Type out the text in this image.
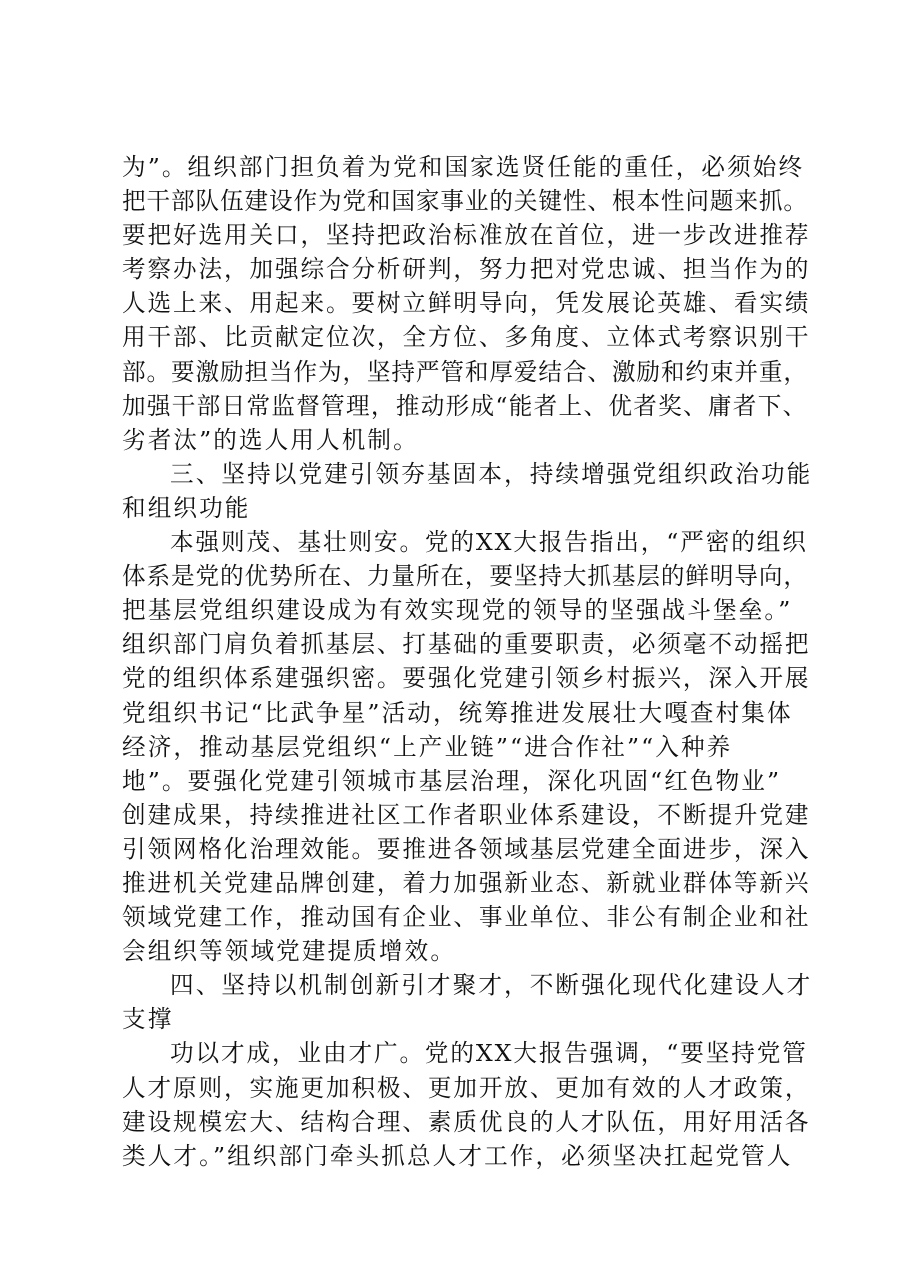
为”。组织部门担负着为党和国家选贤任能的重任，必须始终
把干部队伍建设作为党和国家事业的关键性、根本性问题来抓。
要把好选用关口，坚持把政治标准放在首位，进一步改进推荐
考察办法，加强综合分析研判，努力把对党忠诚、担当作为的
人选上来、用起来。要树立鲜明导向，凭发展论英雄、看实绩
用干部、比贡献定位次，全方位、多角度、立体式考察识别干
部。要激励担当作为，坚持严管和厚爱结合、激励和约束并重，
加强干部日常监督管理，推动形成“能者上、优者奖、庸者下、
劣者汰”的选人用人机制。
三、坚持以党建引领夯基固本，持续增强党组织政治功能
和组织功能
本强则茂、基壮则安。党的XX大报告指出，“严密的组织
体系是党的优势所在、力量所在，要坚持大抓基层的鲜明导向，
把基层党组织建设成为有效实现党的领导的坚强战斗堡垒。”
组织部门肩负着抓基层、打基础的重要职责，必须毫不动摇把
党的组织体系建强织密。要强化党建引领乡村振兴，深入开展
党组织书记“比武争星”活动，统筹推进发展壮大嘎查村集体
经济，推动基层党组织“上产业链”“进合作社”“入种养
地”。要强化党建引领城市基层治理，深化巩固“红色物业”
创建成果，持续推进社区工作者职业体系建设，不断提升党建
引领网格化治理效能。要推进各领域基层党建全面进步，深入
推进机关党建品牌创建，着力加强新业态、新就业群体等新兴
领域党建工作，推动国有企业、事业单位、非公有制企业和社
会组织等领域党建提质增效。
四、坚持以机制创新引才聚才，不断强化现代化建设人才
支撑
功以才成，业由才广。党的XX大报告强调，“要坚持党管
人才原则，实施更加积极、更加开放、更加有效的人才政策，
建设规模宏大、结构合理、素质优良的人才队伍，用好用活各
类人才。”组织部门牵头抓总人才工作，必须坚决扛起党管人
